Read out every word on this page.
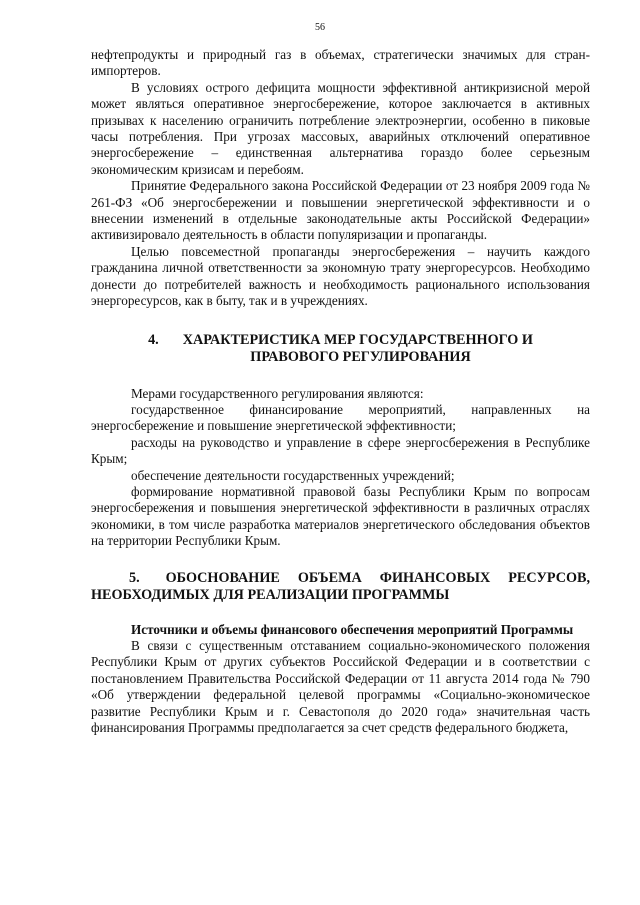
56

нефтепродукты и природный газ в объемах, стратегически значимых для стран-импортеров.

В условиях острого дефицита мощности эффективной антикризисной мерой может являться оперативное энергосбережение, которое заключается в активных призывах к населению ограничить потребление электроэнергии, особенно в пиковые часы потребления. При угрозах массовых, аварийных отключений оперативное энергосбережение – единственная альтернатива гораздо более серьезным экономическим кризисам и перебоям.

Принятие Федерального закона Российской Федерации от 23 ноября 2009 года № 261-ФЗ «Об энергосбережении и повышении энергетической эффективности и о внесении изменений в отдельные законодательные акты Российской Федерации» активизировало деятельность в области популяризации и пропаганды.

Целью повсеместной пропаганды энергосбережения – научить каждого гражданина личной ответственности за экономную трату энергоресурсов. Необходимо донести до потребителей важность и необходимость рационального использования энергоресурсов, как в быту, так и в учреждениях.

4. ХАРАКТЕРИСТИКА МЕР ГОСУДАРСТВЕННОГО И
ПРАВОВОГО РЕГУЛИРОВАНИЯ

Мерами государственного регулирования являются:

государственное финансирование мероприятий, направленных на энергосбережение и повышение энергетической эффективности;

расходы на руководство и управление в сфере энергосбережения в Республике Крым;

обеспечение деятельности государственных учреждений;

формирование нормативной правовой базы Республики Крым по вопросам энергосбережения и повышения энергетической эффективности в различных отраслях экономики, в том числе разработка материалов энергетического обследования объектов на территории Республики Крым.

5. ОБОСНОВАНИЕ ОБЪЕМА ФИНАНСОВЫХ РЕСУРСОВ, НЕОБХОДИМЫХ ДЛЯ РЕАЛИЗАЦИИ ПРОГРАММЫ

Источники и объемы финансового обеспечения мероприятий Программы

В связи с существенным отставанием социально-экономического положения Республики Крым от других субъектов Российской Федерации и в соответствии с постановлением Правительства Российской Федерации от 11 августа 2014 года № 790 «Об утверждении федеральной целевой программы «Социально-экономическое развитие Республики Крым и г. Севастополя до 2020 года» значительная часть финансирования Программы предполагается за счет средств федерального бюджета,
